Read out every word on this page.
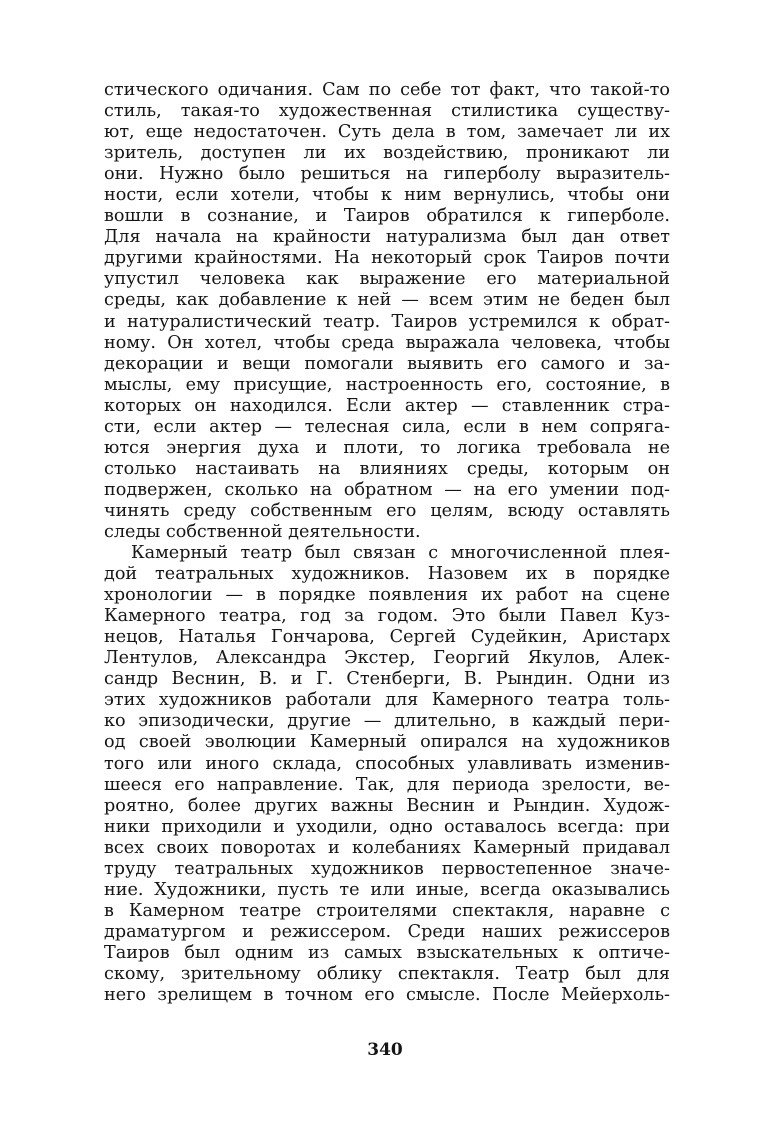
стического одичания. Сам по себе тот факт, что такой-то
стиль, такая-то художественная стилистика существу-
ют, еще недостаточен. Суть дела в том, замечает ли их
зритель, доступен ли их воздействию, проникают ли
они. Нужно было решиться на гиперболу выразитель-
ности, если хотели, чтобы к ним вернулись, чтобы они
вошли в сознание, и Таиров обратился к гиперболе.
Для начала на крайности натурализма был дан ответ
другими крайностями. На некоторый срок Таиров почти
упустил человека как выражение его материальной
среды, как добавление к ней — всем этим не беден был
и натуралистический театр. Таиров устремился к обрат-
ному. Он хотел, чтобы среда выражала человека, чтобы
декорации и вещи помогали выявить его самого и за-
мыслы, ему присущие, настроенность его, состояние, в
которых он находился. Если актер — ставленник стра-
сти, если актер — телесная сила, если в нем сопряга-
ются энергия духа и плоти, то логика требовала не
столько настаивать на влияниях среды, которым он
подвержен, сколько на обратном — на его умении под-
чинять среду собственным его целям, всюду оставлять
следы собственной деятельности.
Камерный театр был связан с многочисленной плея-
дой театральных художников. Назовем их в порядке
хронологии — в порядке появления их работ на сцене
Камерного театра, год за годом. Это были Павел Куз-
нецов, Наталья Гончарова, Сергей Судейкин, Аристарх
Лентулов, Александра Экстер, Георгий Якулов, Алек-
сандр Веснин, В. и Г. Стенберги, В. Рындин. Одни из
этих художников работали для Камерного театра толь-
ко эпизодически, другие — длительно, в каждый пери-
од своей эволюции Камерный опирался на художников
того или иного склада, способных улавливать изменив-
шееся его направление. Так, для периода зрелости, ве-
роятно, более других важны Веснин и Рындин. Худож-
ники приходили и уходили, одно оставалось всегда: при
всех своих поворотах и колебаниях Камерный придавал
труду театральных художников первостепенное значе-
ние. Художники, пусть те или иные, всегда оказывались
в Камерном театре строителями спектакля, наравне с
драматургом и режиссером. Среди наших режиссеров
Таиров был одним из самых взыскательных к оптиче-
скому, зрительному облику спектакля. Театр был для
него зрелищем в точном его смысле. После Мейерхоль-
340
